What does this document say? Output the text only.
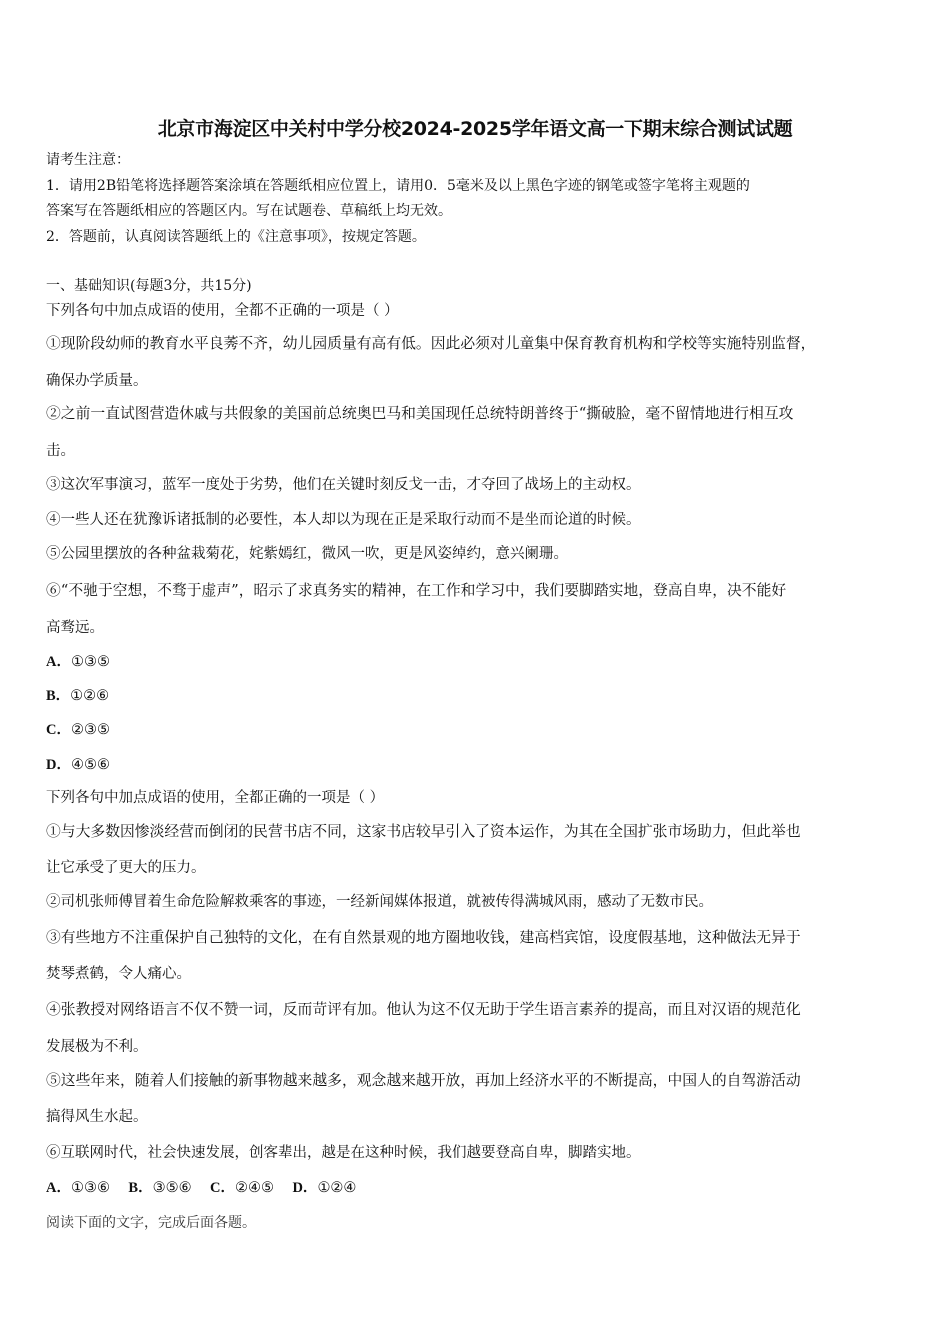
北京市海淀区中关村中学分校2024-2025学年语文高一下期末综合测试试题
请考生注意：
1．请用2B铅笔将选择题答案涂填在答题纸相应位置上，请用0．5毫米及以上黑色字迹的钢笔或签字笔将主观题的
答案写在答题纸相应的答题区内。写在试题卷、草稿纸上均无效。
2．答题前，认真阅读答题纸上的《注意事项》，按规定答题。
一、基础知识(每题3分，共15分)
下列各句中加点成语的使用，全都不正确的一项是（ ）
①现阶段幼师的教育水平良莠不齐，幼儿园质量有高有低。因此必须对儿童集中保育教育机构和学校等实施特别监督，
确保办学质量。
②之前一直试图营造休戚与共假象的美国前总统奥巴马和美国现任总统特朗普终于“撕破脸，毫不留情地进行相互攻
击。
③这次军事演习，蓝军一度处于劣势，他们在关键时刻反戈一击，才夺回了战场上的主动权。
④一些人还在犹豫诉诸抵制的必要性，本人却以为现在正是采取行动而不是坐而论道的时候。
⑤公园里摆放的各种盆栽菊花，姹紫嫣红，微风一吹，更是风姿绰约，意兴阑珊。
⑥“不驰于空想，不骛于虚声”，昭示了求真务实的精神，在工作和学习中，我们要脚踏实地，登高自卑，决不能好
高骛远。
A．①③⑤
B．①②⑥
C．②③⑤
D．④⑤⑥
下列各句中加点成语的使用，全都正确的一项是（ ）
①与大多数因惨淡经营而倒闭的民营书店不同，这家书店较早引入了资本运作，为其在全国扩张市场助力，但此举也
让它承受了更大的压力。
②司机张师傅冒着生命危险解救乘客的事迹，一经新闻媒体报道，就被传得满城风雨，感动了无数市民。
③有些地方不注重保护自己独特的文化，在有自然景观的地方圈地收钱，建高档宾馆，设度假基地，这种做法无异于
焚琴煮鹤，令人痛心。
④张教授对网络语言不仅不赞一词，反而苛评有加。他认为这不仅无助于学生语言素养的提高，而且对汉语的规范化
发展极为不利。
⑤这些年来，随着人们接触的新事物越来越多，观念越来越开放，再加上经济水平的不断提高，中国人的自驾游活动
搞得风生水起。
⑥互联网时代，社会快速发展，创客辈出，越是在这种时候，我们越要登高自卑，脚踏实地。
A．①③⑥ B．③⑤⑥ C．②④⑤ D．①②④
阅读下面的文字，完成后面各题。
